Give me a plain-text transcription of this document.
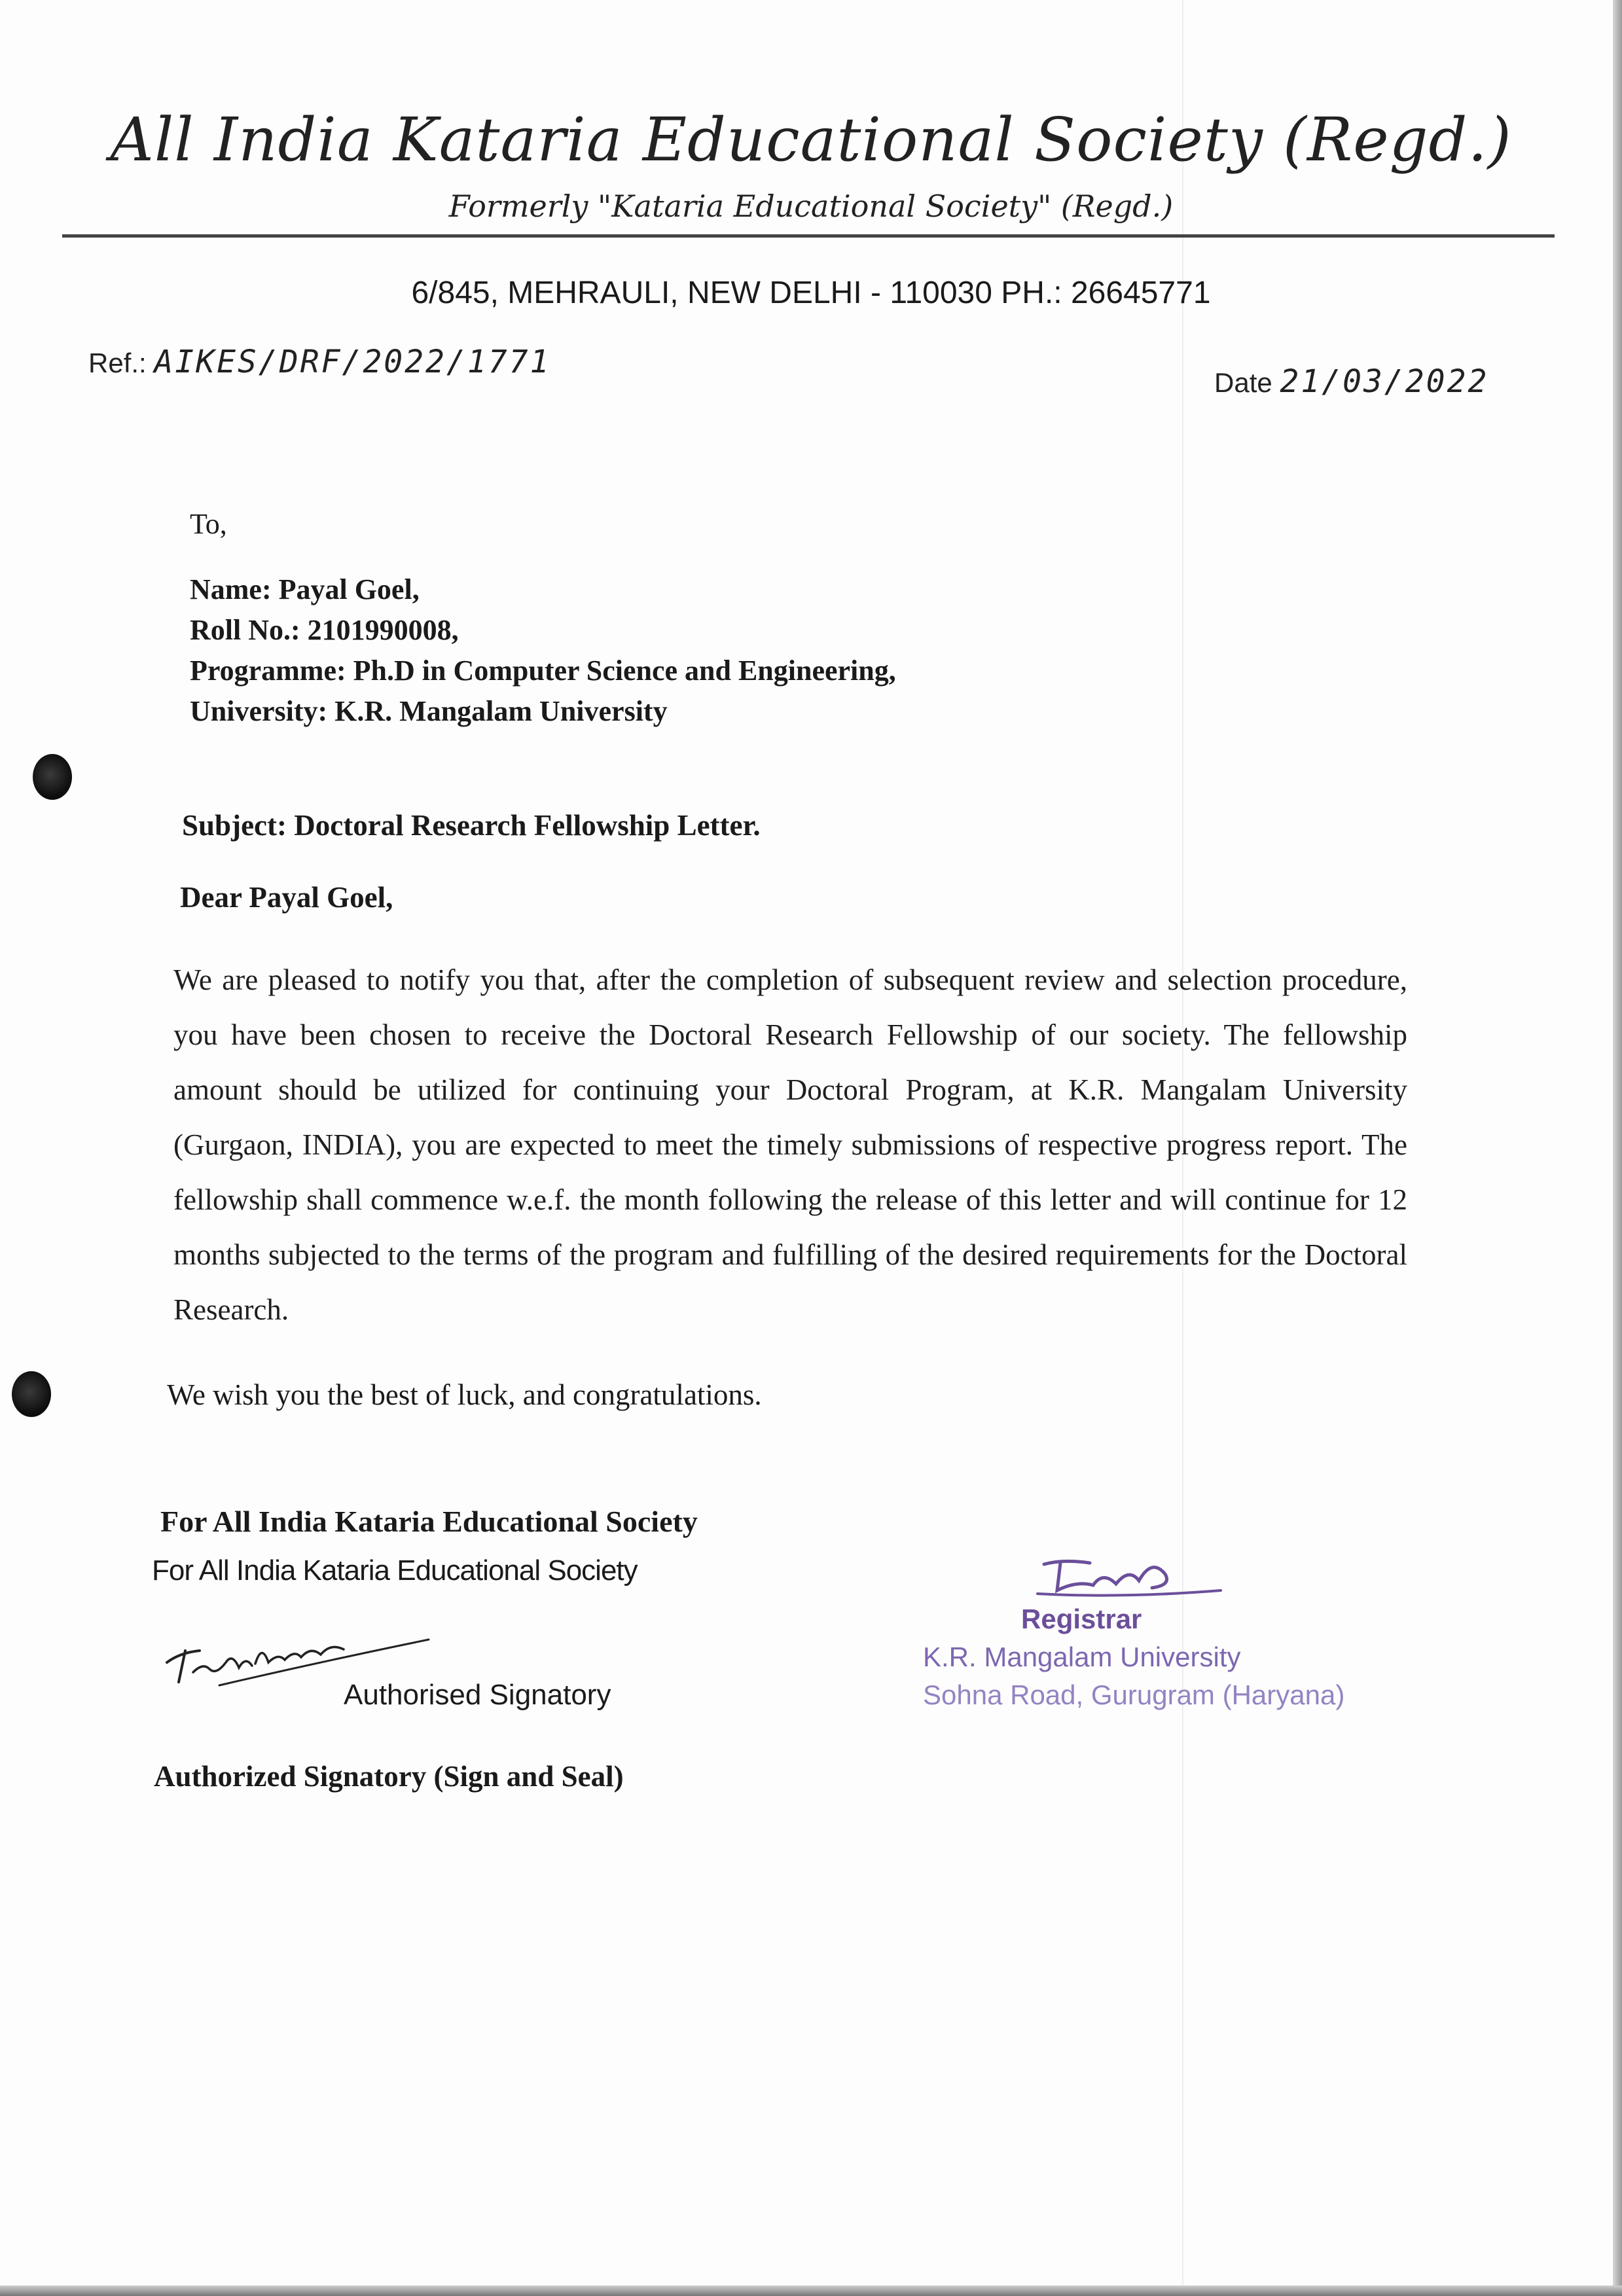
All India Kataria Educational Society (Regd.)
Formerly "Kataria Educational Society" (Regd.)
6/845, MEHRAULI, NEW DELHI - 110030 PH.: 26645771
Ref.: AIKES/DRF/2022/1771
Date 21/03/2022
To,
Name: Payal Goel,
Roll No.: 2101990008,
Programme: Ph.D in Computer Science and Engineering,
University: K.R. Mangalam University
Subject: Doctoral Research Fellowship Letter.
Dear Payal Goel,
We are pleased to notify you that, after the completion of subsequent review and selection procedure, you have been chosen to receive the Doctoral Research Fellowship of our society. The fellowship amount should be utilized for continuing your Doctoral Program, at K.R. Mangalam University (Gurgaon, INDIA), you are expected to meet the timely submissions of respective progress report. The fellowship shall commence w.e.f. the month following the release of this letter and will continue for 12 months subjected to the terms of the program and fulfilling of the desired requirements for the Doctoral Research.
We wish you the best of luck, and congratulations.
For All India Kataria Educational Society
For All India Kataria Educational Society
Authorised Signatory
Authorized Signatory (Sign and Seal)
Registrar
K.R. Mangalam University
Sohna Road, Gurugram (Haryana)
